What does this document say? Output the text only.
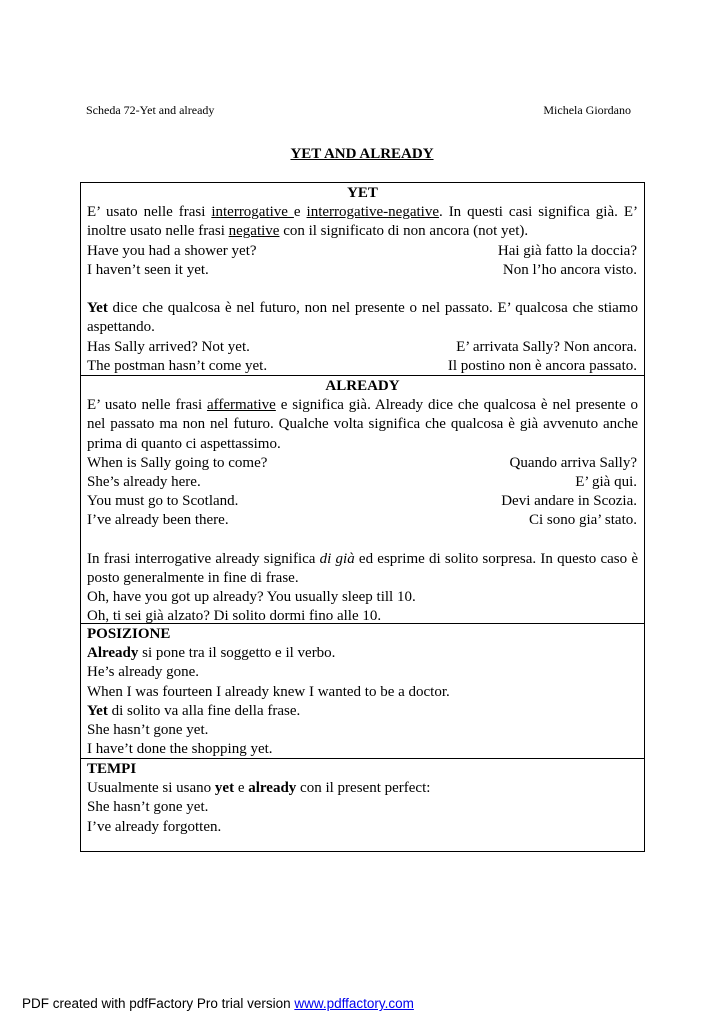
Scheda 72-Yet and already	Michela Giordano
YET AND ALREADY
YET
E’ usato nelle frasi interrogative e interrogative-negative. In questi casi significa già. E’ inoltre usato nelle frasi negative con il significato di non ancora (not yet).
Have you had a shower yet?	Hai già fatto la doccia?
I haven’t seen it yet.	Non l’ho ancora visto.
Yet dice che qualcosa è nel futuro, non nel presente o nel passato. E’ qualcosa che stiamo aspettando.
Has Sally arrived? Not yet.	E’ arrivata Sally? Non ancora.
The postman hasn’t come yet.	Il postino non è ancora passato.
ALREADY
E’ usato nelle frasi affermative e significa già. Already dice che qualcosa è nel presente o nel passato ma non nel futuro. Qualche volta significa che qualcosa è già avvenuto anche prima di quanto ci aspettassimo.
When is Sally going to come?	Quando arriva Sally?
She’s already here.	E’ già qui.
You must go to Scotland.	Devi andare in Scozia.
I’ve already been there.	Ci sono gia’ stato.
In frasi interrogative already significa di già ed esprime di solito sorpresa. In questo caso è posto generalmente in fine di frase.
Oh, have you got up already? You usually sleep till 10.
Oh, ti sei già alzato? Di solito dormi fino alle 10.
POSIZIONE
Already si pone tra il soggetto e il verbo.
He’s already gone.
When I was fourteen I already knew I wanted to be a doctor.
Yet di solito va alla fine della frase.
She hasn’t gone yet.
I have’t done the shopping yet.
TEMPI
Usualmente si usano yet e already con il present perfect:
She hasn’t gone yet.
I’ve already forgotten.
PDF created with pdfFactory Pro trial version www.pdffactory.com
